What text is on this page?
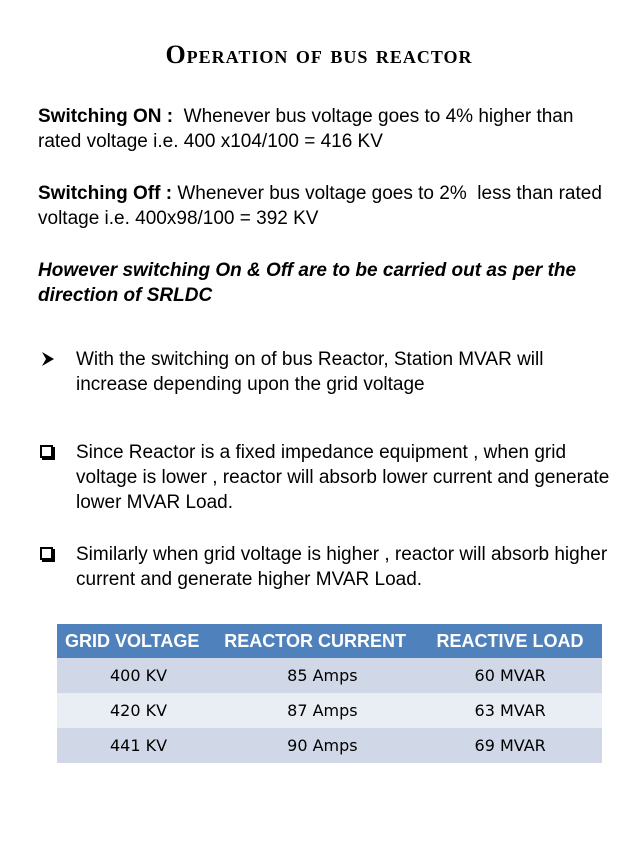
Operation of bus reactor
Switching ON :  Whenever bus voltage goes to 4% higher than rated voltage i.e. 400 x104/100 = 416 KV
Switching Off : Whenever bus voltage goes to 2%  less than rated voltage i.e. 400x98/100 = 392 KV
However switching On & Off are to be carried out as per the direction of SRLDC
With the switching on of bus Reactor, Station MVAR will increase depending upon the grid voltage
Since Reactor is a fixed impedance equipment , when grid voltage is lower , reactor will absorb lower current and generate lower MVAR Load.
Similarly when grid voltage is higher , reactor will absorb higher current and generate higher MVAR Load.
GRID VOLTAGE	REACTOR CURRENT	REACTIVE LOAD
400 KV	85 Amps	60 MVAR
420 KV	87 Amps	63 MVAR
441 KV	90 Amps	69 MVAR
